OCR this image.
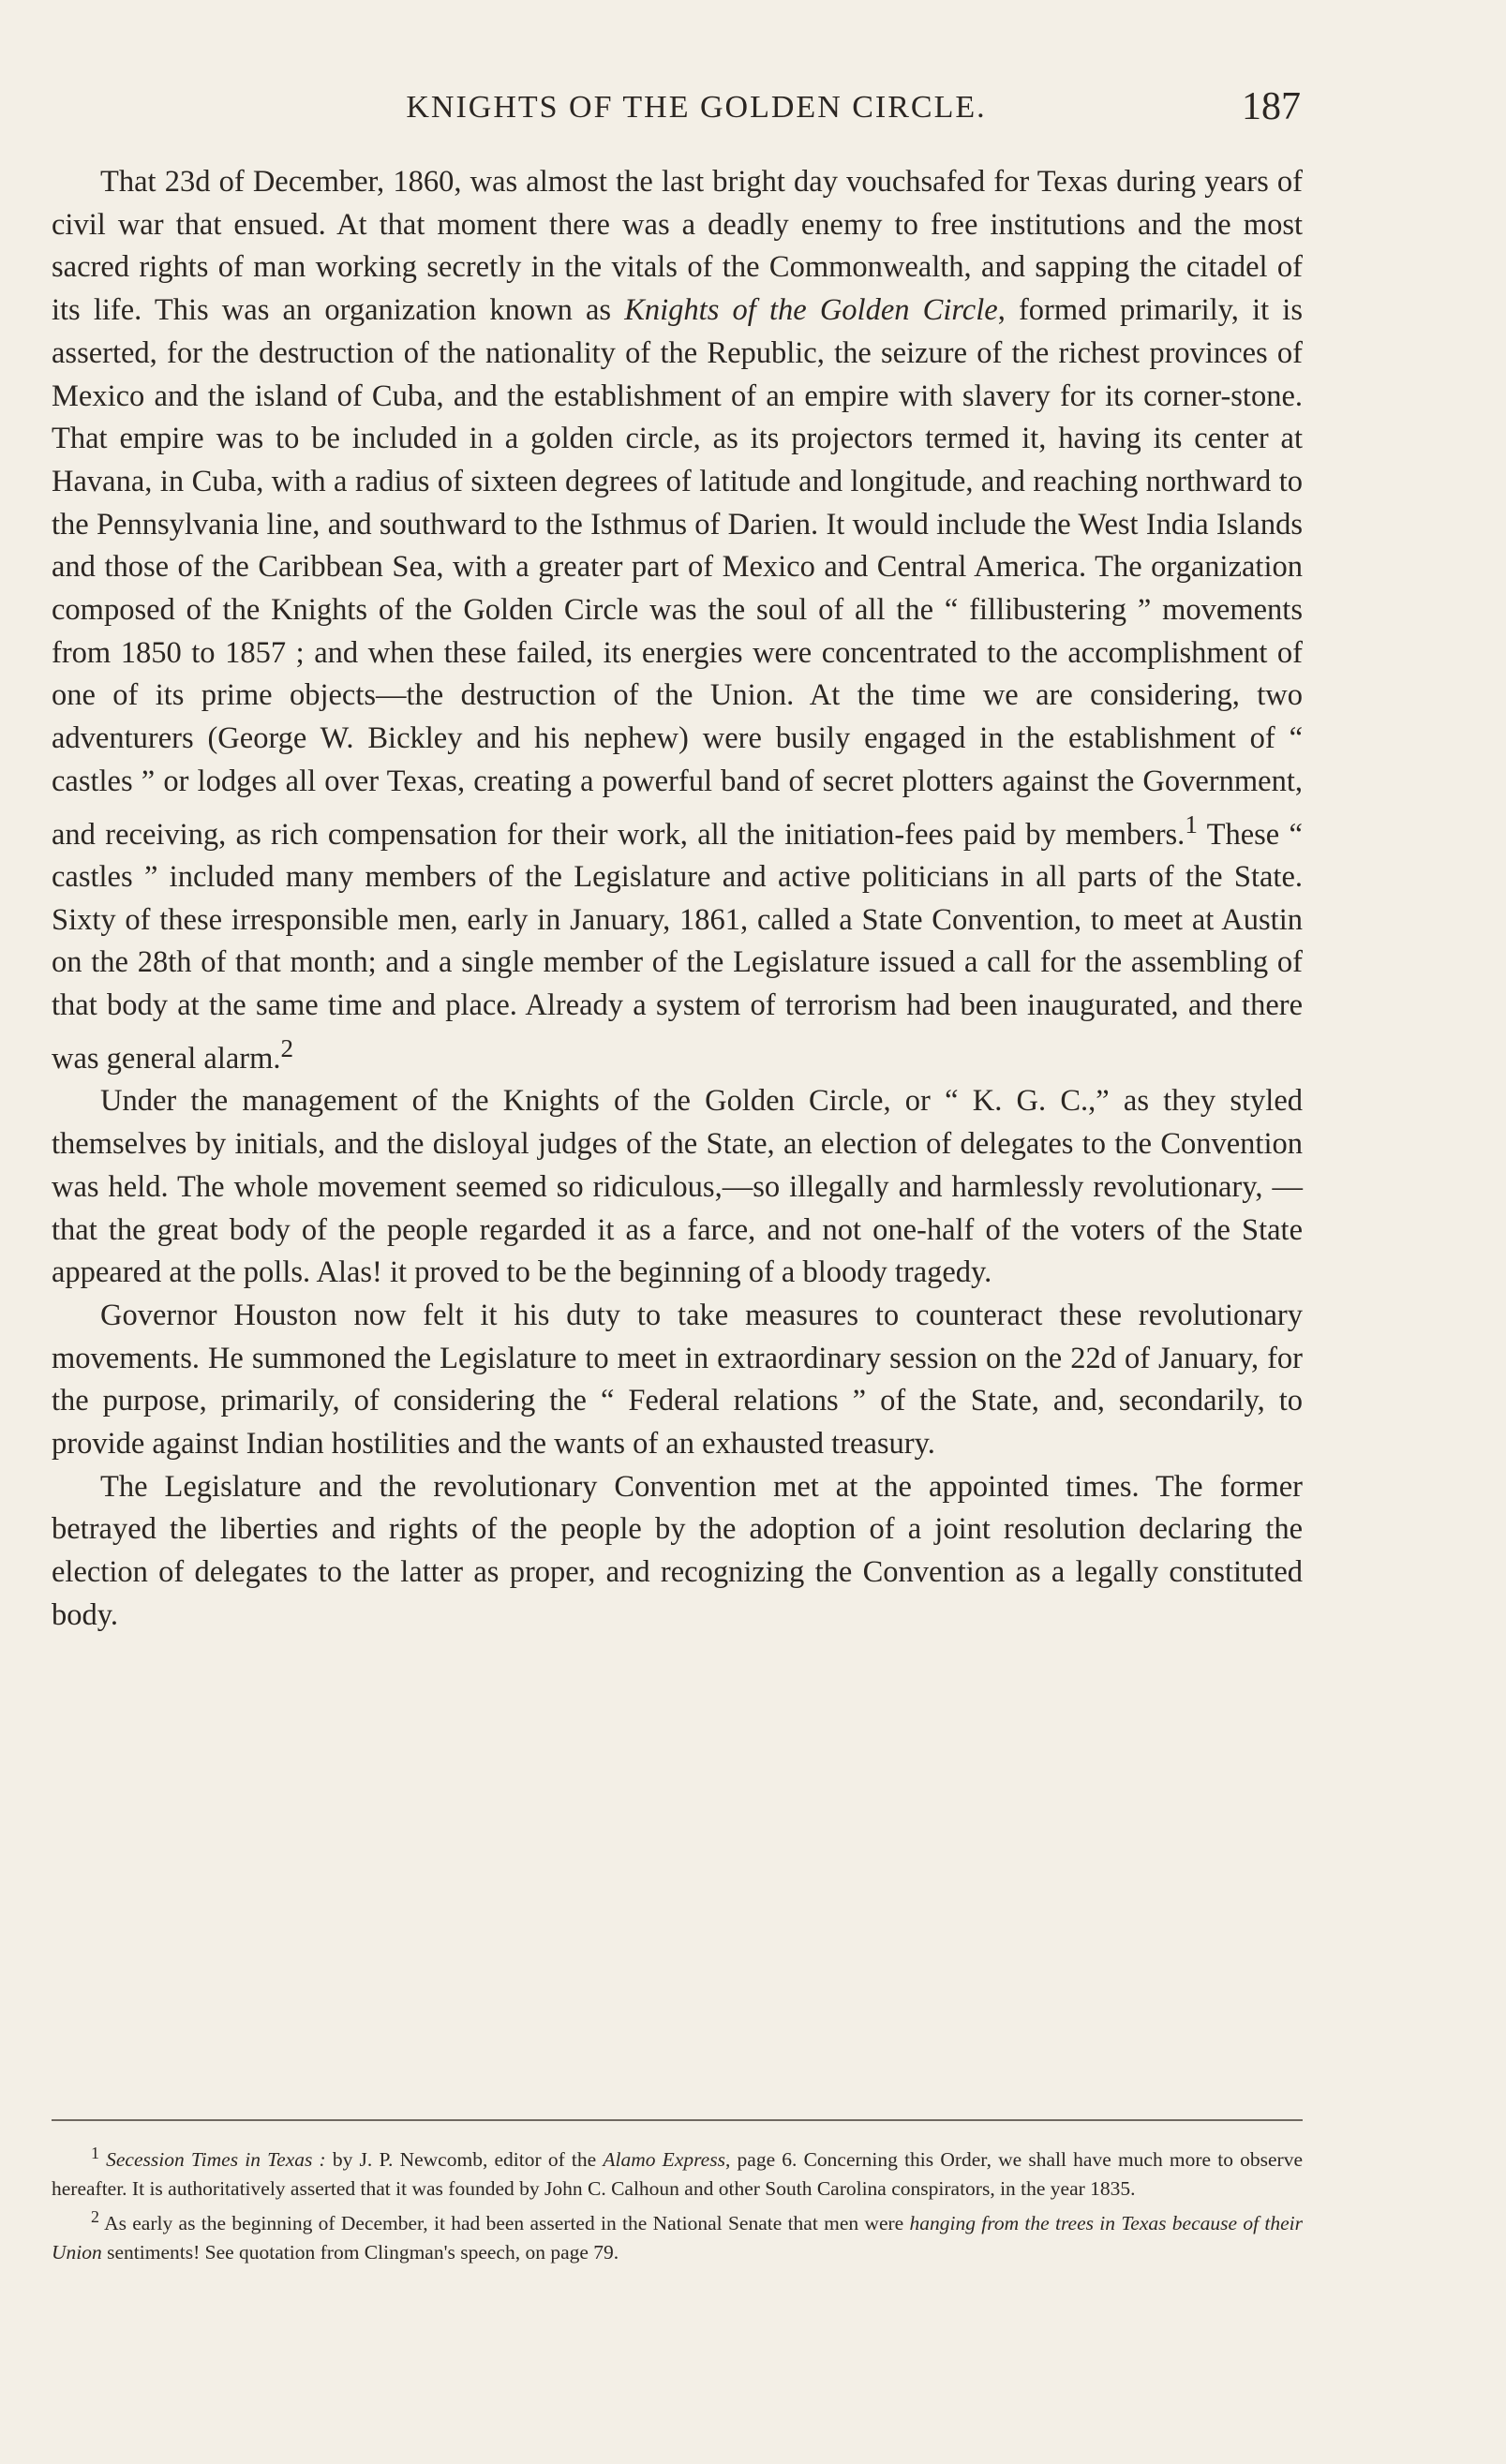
KNIGHTS OF THE GOLDEN CIRCLE.	187

That 23d of December, 1860, was almost the last bright day vouchsafed for Texas during years of civil war that ensued. At that moment there was a deadly enemy to free institutions and the most sacred rights of man working secretly in the vitals of the Commonwealth, and sapping the citadel of its life. This was an organization known as Knights of the Golden Circle, formed primarily, it is asserted, for the destruction of the nationality of the Republic, the seizure of the richest provinces of Mexico and the island of Cuba, and the establishment of an empire with slavery for its corner-stone. That empire was to be included in a golden circle, as its projectors termed it, having its center at Havana, in Cuba, with a radius of sixteen degrees of latitude and longitude, and reaching northward to the Pennsylvania line, and southward to the Isthmus of Darien. It would include the West India Islands and those of the Caribbean Sea, with a greater part of Mexico and Central America. The organization composed of the Knights of the Golden Circle was the soul of all the “ fillibustering ” movements from 1850 to 1857 ; and when these failed, its energies were concentrated to the accomplishment of one of its prime objects—the destruction of the Union. At the time we are considering, two adventurers (George W. Bickley and his nephew) were busily engaged in the establishment of “ castles ” or lodges all over Texas, creating a powerful band of secret plotters against the Government, and receiving, as rich compensation for their work, all the initiation-fees paid by members.$^1$ These “ castles ” included many members of the Legislature and active politicians in all parts of the State. Sixty of these irresponsible men, early in January, 1861, called a State Convention, to meet at Austin on the 28th of that month; and a single member of the Legislature issued a call for the assembling of that body at the same time and place. Already a system of terrorism had been inaugurated, and there was general alarm.$^2$

Under the management of the Knights of the Golden Circle, or “ K. G. C.,” as they styled themselves by initials, and the disloyal judges of the State, an election of delegates to the Convention was held. The whole movement seemed so ridiculous,—so illegally and harmlessly revolutionary, —that the great body of the people regarded it as a farce, and not one-half of the voters of the State appeared at the polls. Alas! it proved to be the beginning of a bloody tragedy.

Governor Houston now felt it his duty to take measures to counteract these revolutionary movements. He summoned the Legislature to meet in extraordinary session on the 22d of January, for the purpose, primarily, of considering the “ Federal relations ” of the State, and, secondarily, to provide against Indian hostilities and the wants of an exhausted treasury.

The Legislature and the revolutionary Convention met at the appointed times. The former betrayed the liberties and rights of the people by the adoption of a joint resolution declaring the election of delegates to the latter as proper, and recognizing the Convention as a legally constituted body.

$^1$ Secession Times in Texas : by J. P. Newcomb, editor of the Alamo Express, page 6. Concerning this Order, we shall have much more to observe hereafter. It is authoritatively asserted that it was founded by John C. Calhoun and other South Carolina conspirators, in the year 1835.

$^2$ As early as the beginning of December, it had been asserted in the National Senate that men were hanging from the trees in Texas because of their Union sentiments! See quotation from Clingman's speech, on page 79.
